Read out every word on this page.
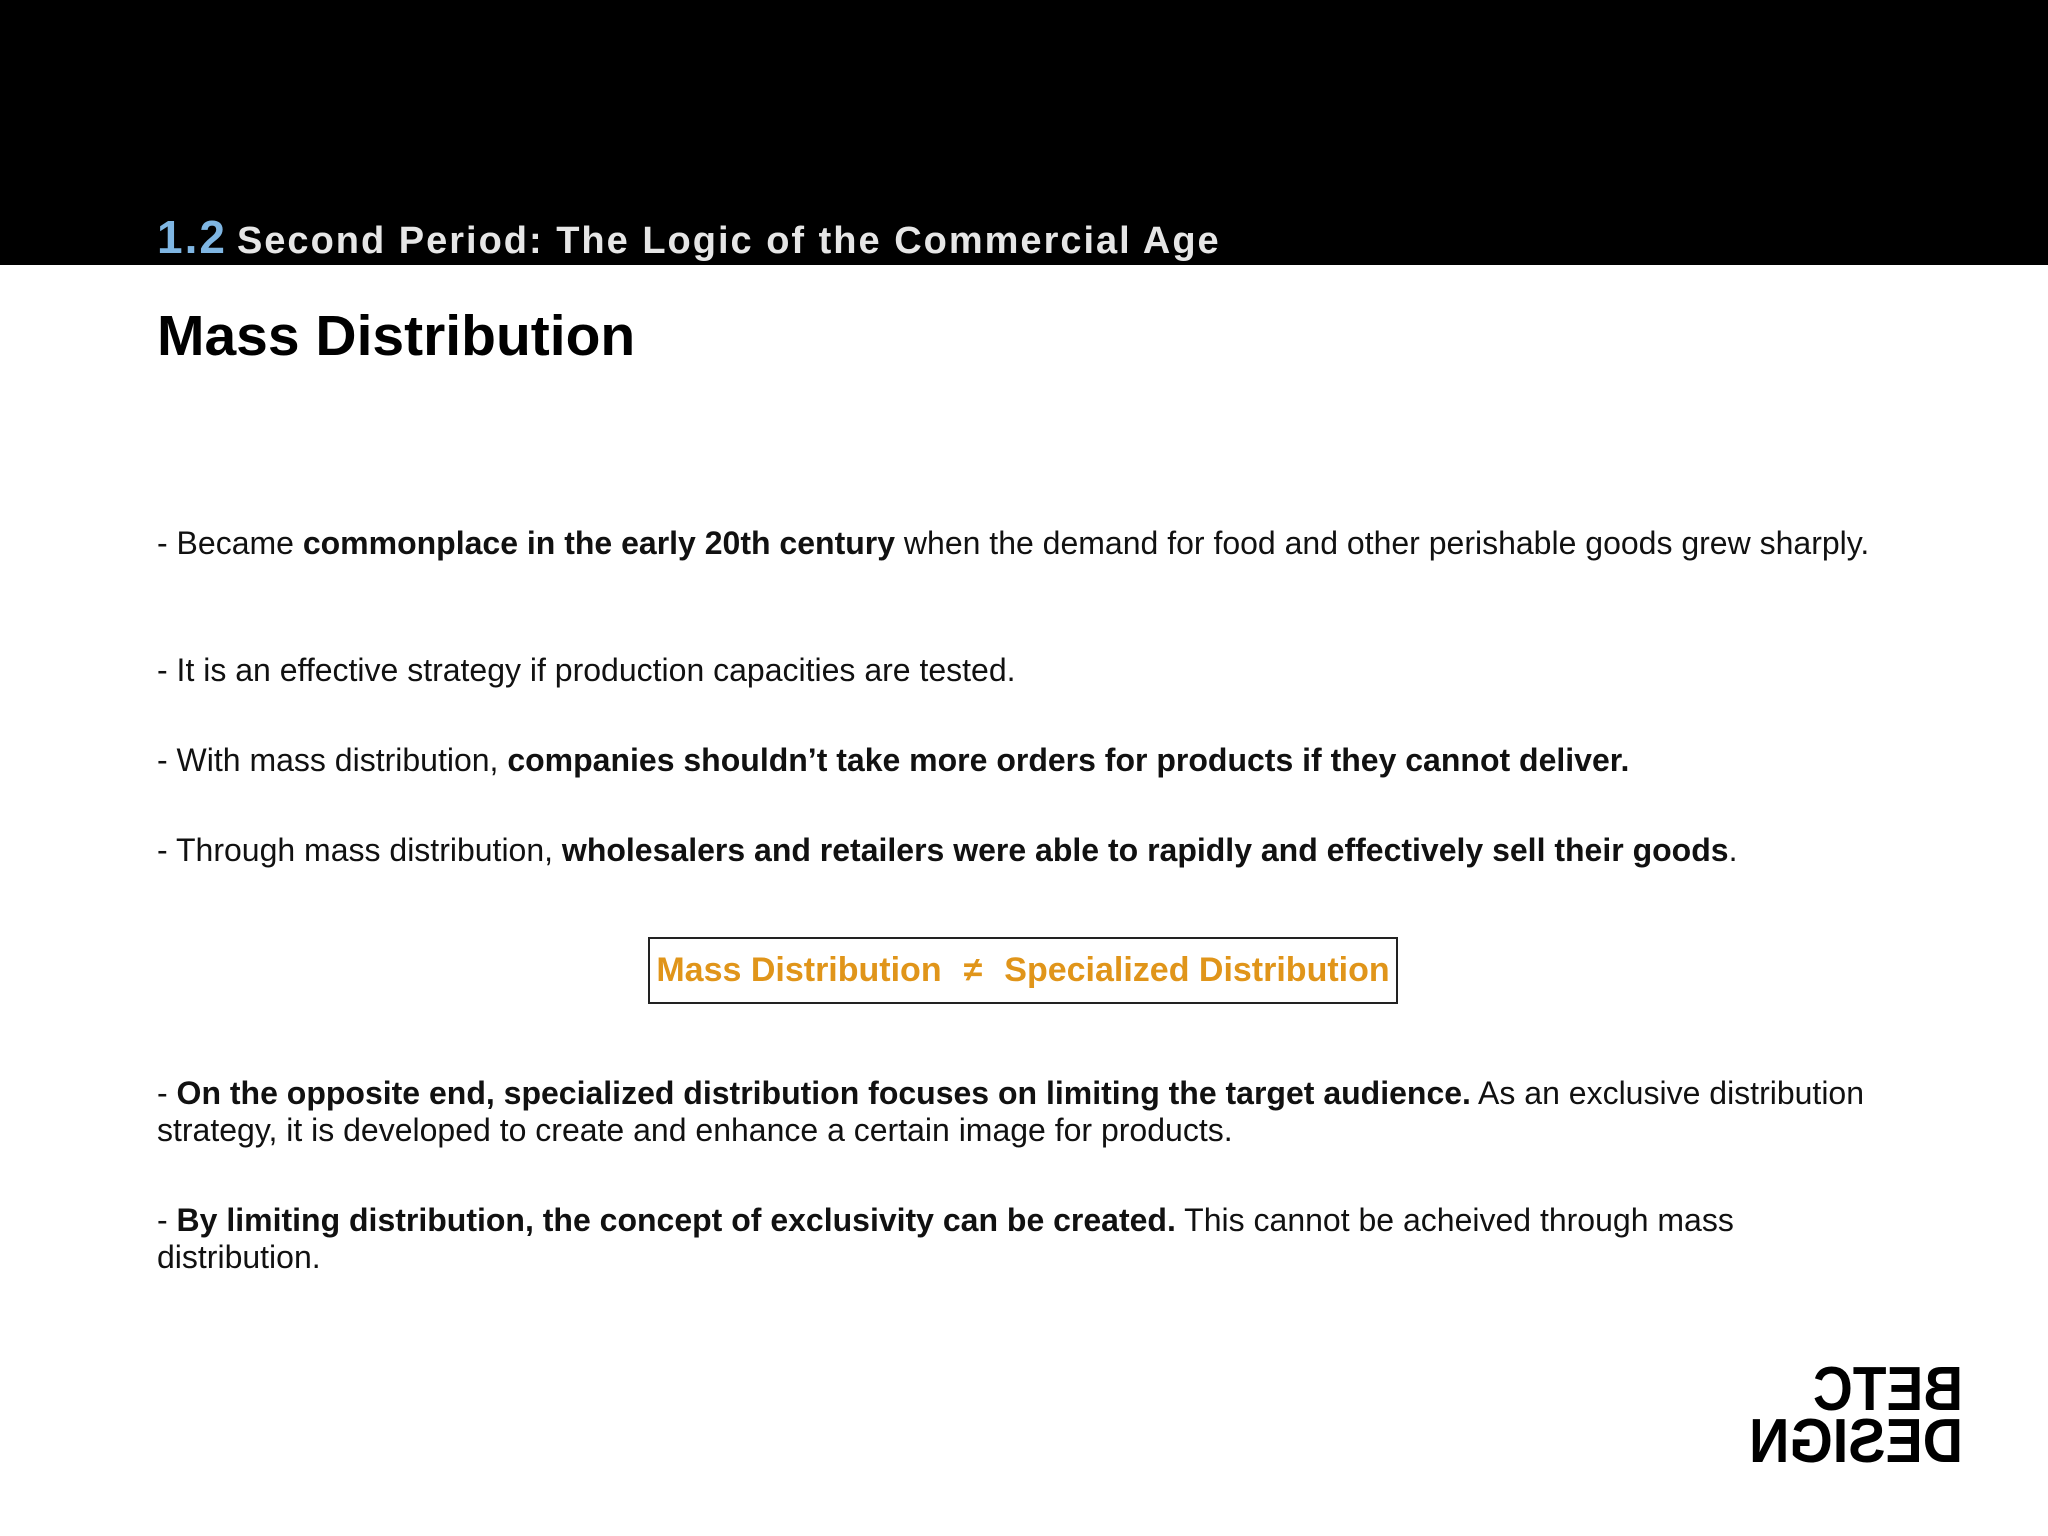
1.2 Second Period: The Logic of the Commercial Age
Mass Distribution

- Became commonplace in the early 20th century when the demand for food and other perishable goods grew sharply.

- It is an effective strategy if production capacities are tested.

- With mass distribution, companies shouldn’t take more orders for products if they cannot deliver.

- Through mass distribution, wholesalers and retailers were able to rapidly and effectively sell their goods.

Mass Distribution ≠ Specialized Distribution

- On the opposite end, specialized distribution focuses on limiting the target audience. As an exclusive distribution strategy, it is developed to create and enhance a certain image for products.

- By limiting distribution, the concept of exclusivity can be created. This cannot be acheived through mass distribution.

BETC
DESIGN
